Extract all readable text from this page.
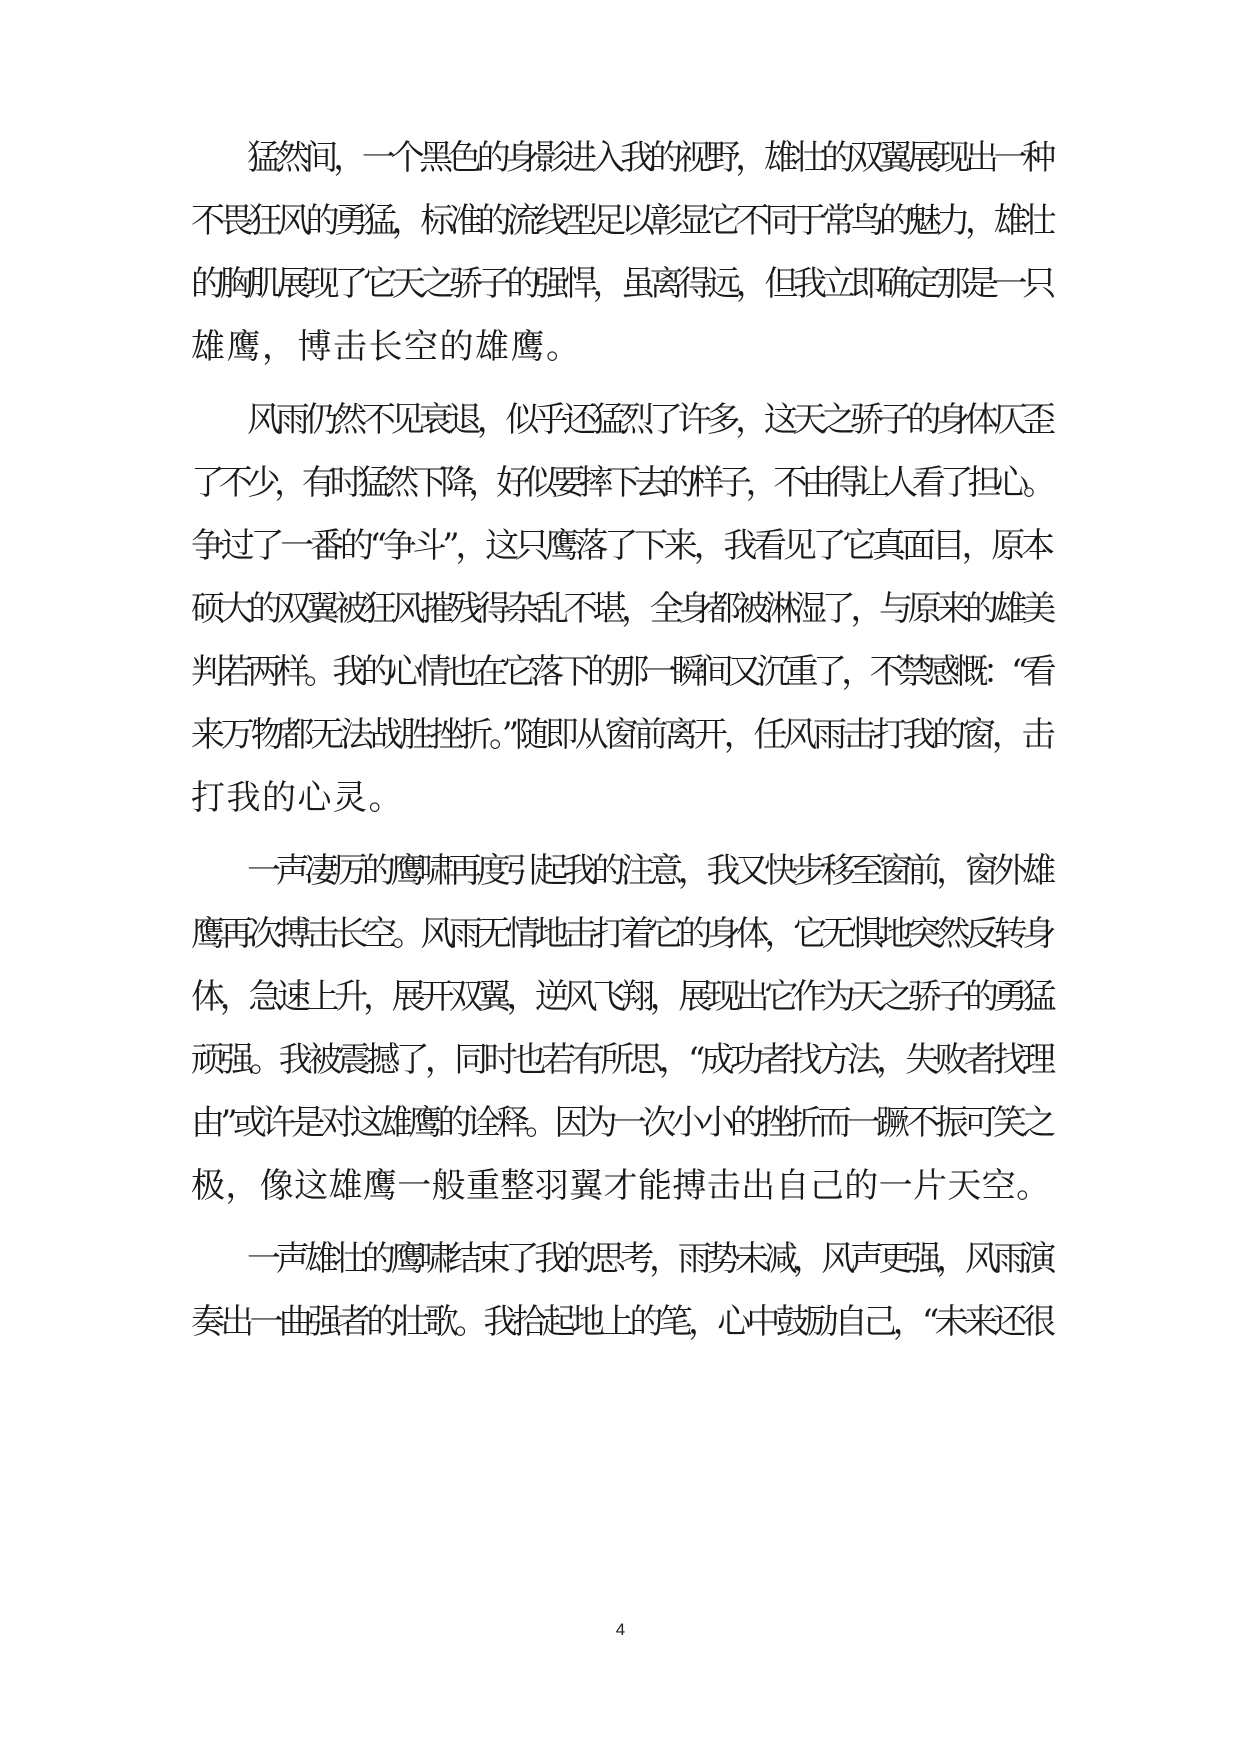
猛然间，一个黑色的身影进入我的视野，雄壮的双翼展现出一种
不畏狂风的勇猛，标准的流线型足以彰显它不同于常鸟的魅力，雄壮
的胸肌展现了它天之骄子的强悍，虽离得远，但我立即确定那是一只
雄鹰，博击长空的雄鹰。
风雨仍然不见衰退，似乎还猛烈了许多，这天之骄子的身体仄歪
了不少，有时猛然下降，好似要摔下去的样子，不由得让人看了担心。
争过了一番的“争斗”，这只鹰落了下来，我看见了它真面目，原本
硕大的双翼被狂风摧残得杂乱不堪，全身都被淋湿了，与原来的雄美
判若两样。我的心情也在它落下的那一瞬间又沉重了，不禁感慨：“看
来万物都无法战胜挫折。”随即从窗前离开，任风雨击打我的窗，击
打我的心灵。
一声凄厉的鹰啸再度引起我的注意，我又快步移至窗前，窗外雄
鹰再次搏击长空。风雨无情地击打着它的身体，它无惧地突然反转身
体，急速上升，展开双翼，逆风飞翔，展现出它作为天之骄子的勇猛
顽强。我被震撼了，同时也若有所思，“成功者找方法，失败者找理
由”或许是对这雄鹰的诠释。因为一次小小的挫折而一蹶不振可笑之
极，像这雄鹰一般重整羽翼才能搏击出自己的一片天空。
一声雄壮的鹰啸结束了我的思考，雨势未减，风声更强，风雨演
奏出一曲强者的壮歌。我拾起地上的笔，心中鼓励自己，“未来还很
4
